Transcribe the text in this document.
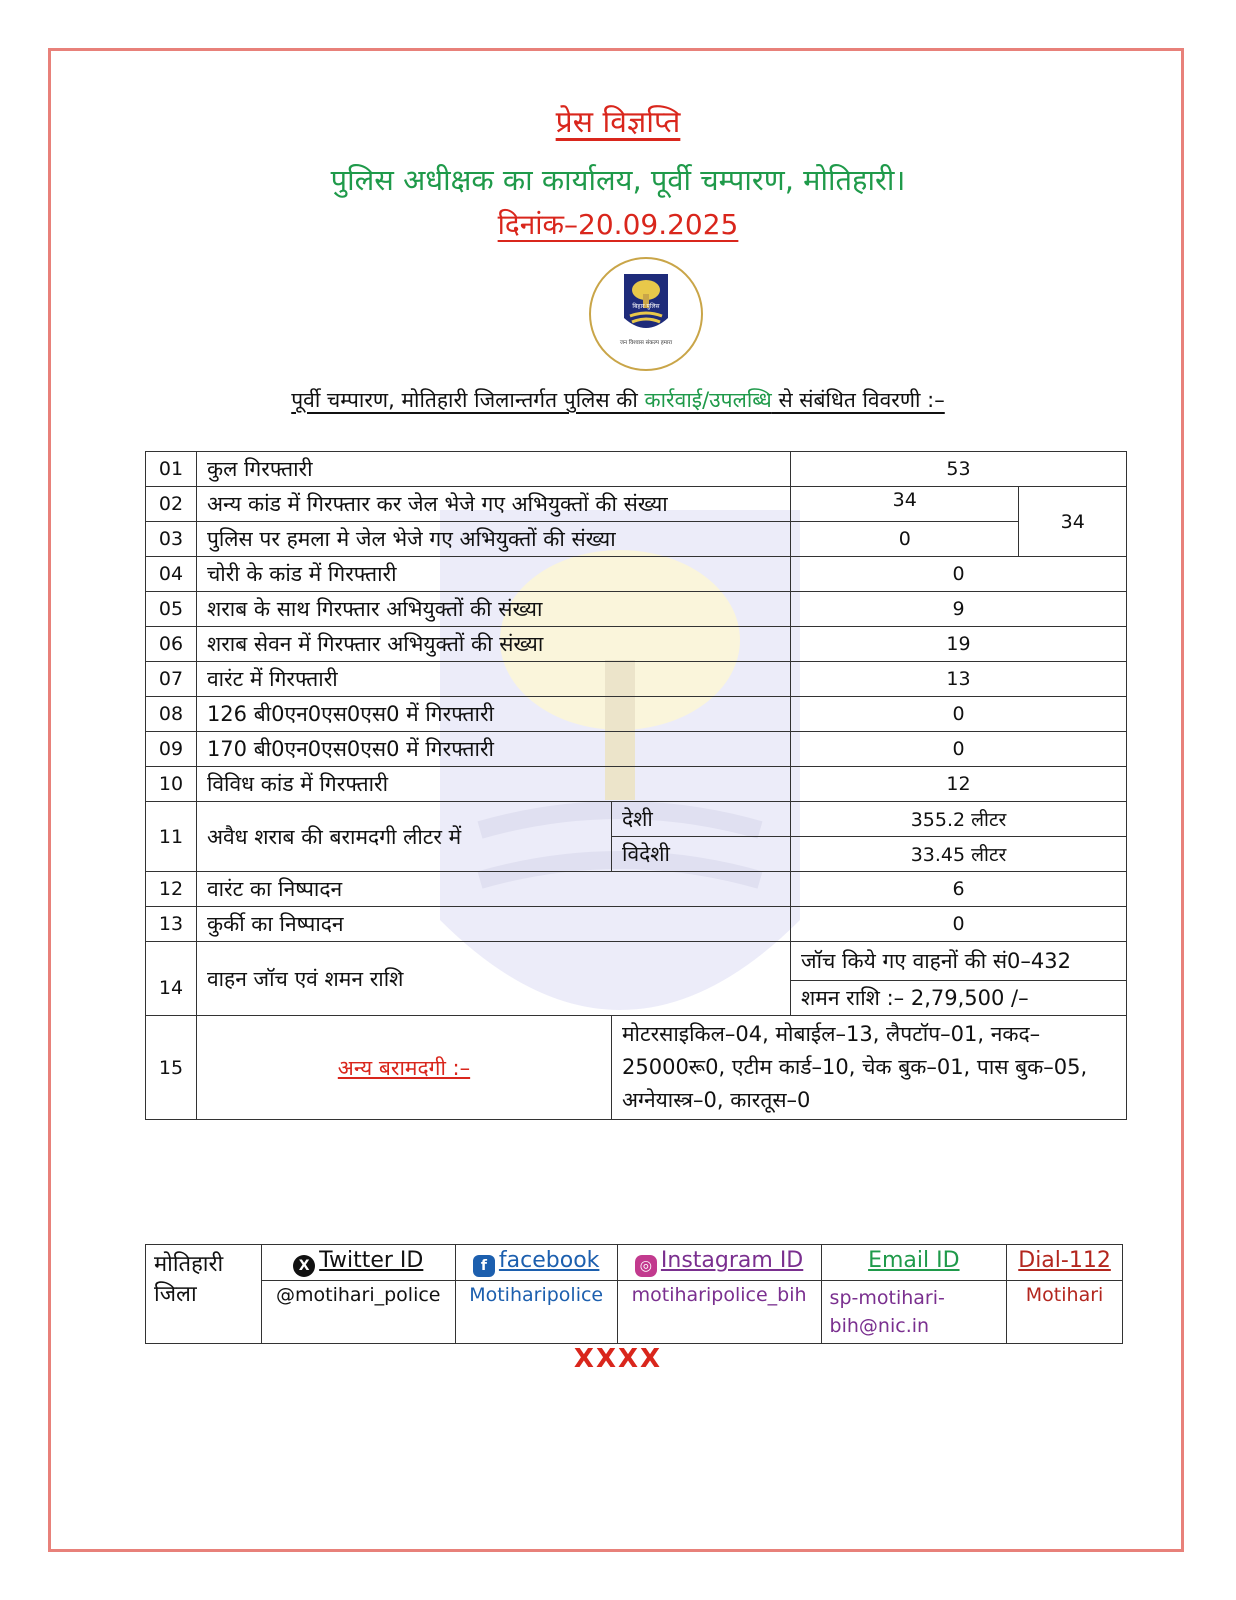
प्रेस विज्ञप्ति
पुलिस अधीक्षक का कार्यालय, पूर्वी चम्पारण, मोतिहारी।
दिनांक–20.09.2025
बिहार पुलिस
जन विश्वास संकल्प हमारा
पूर्वी चम्पारण, मोतिहारी जिलान्तर्गत पुलिस की कार्रवाई/उपलब्धि से संबंधित विवरणी :–
01	कुल गिरफ्तारी		53	
02	अन्य कांड में गिरफ्तार कर जेल भेजे गए अभियुक्तों की संख्या		34	34
03	पुलिस पर हमला मे जेल भेजे गए अभियुक्तों की संख्या		0	
04	चोरी के कांड में गिरफ्तारी		0	
05	शराब के साथ गिरफ्तार अभियुक्तों की संख्या		9	
06	शराब सेवन में गिरफ्तार अभियुक्तों की संख्या		19	
07	वारंट में गिरफ्तारी		13	
08	126 बी0एन0एस0एस0 में गिरफ्तारी		0	
09	170 बी0एन0एस0एस0 में गिरफ्तारी		0	
10	विविध कांड में गिरफ्तारी		12	
11	अवैध शराब की बरामदगी लीटर में	देशी	355.2 लीटर	
		विदेशी	33.45 लीटर	
12	वारंट का निष्पादन		6	
13	कुर्की का निष्पादन		0	
14	वाहन जॉच एवं शमन राशि		जॉच किये गए वाहनों की सं0–432	
			शमन राशि :– 2,79,500 /–	
15	अन्य बरामदगी :–	मोटरसाइकिल–04, मोबाईल–13, लैपटॉप–01, नकद–25000रू0, एटीम कार्ड–10, चेक बुक–01, पास बुक–05, अग्नेयास्त्र–0, कारतूस–0		
मोतिहारी जिला	X Twitter ID	f facebook	◎ Instagram ID	Email ID	Dial-112
	@motihari_police	Motiharipolice	motiharipolice_bih	sp-motihari-bih@nic.in	Motihari
XXXX
